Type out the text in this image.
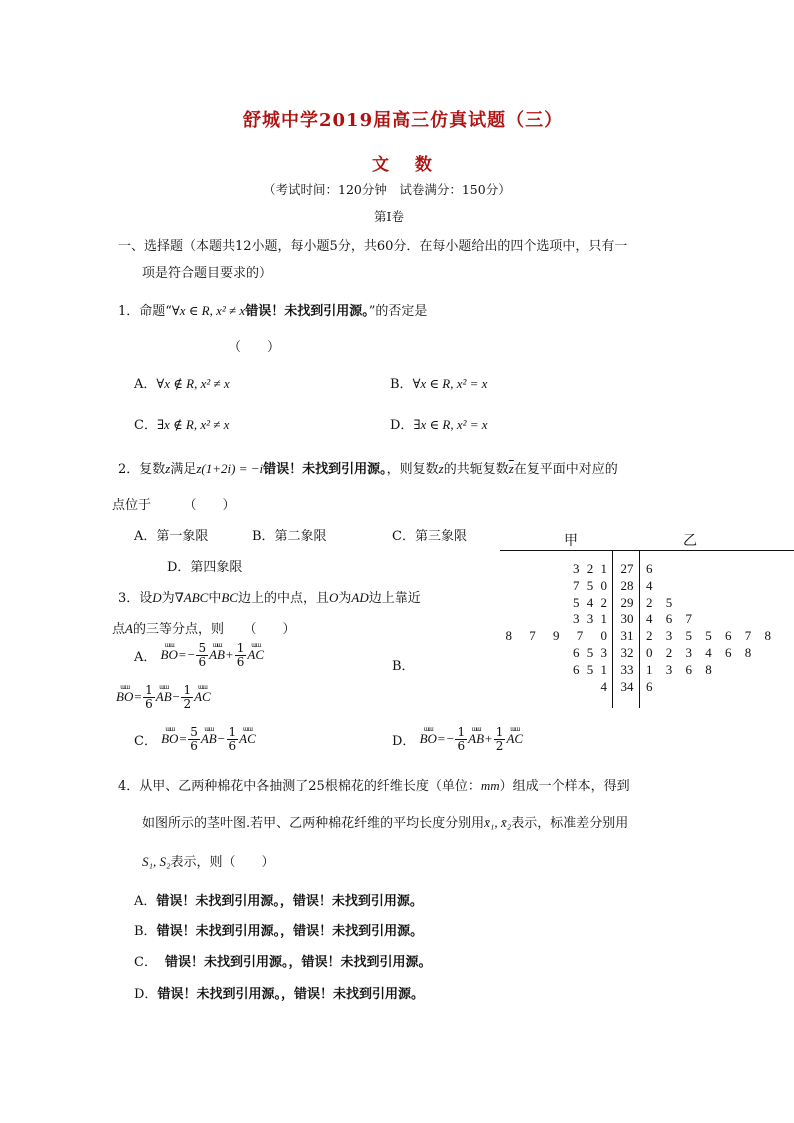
舒城中学2019届高三仿真试题（三）
文 数
（考试时间：120分钟　试卷满分：150分）
第Ⅰ卷
一、选择题（本题共12小题，每小题5分，共60分．在每小题给出的四个选项中，只有一
项是符合题目要求的）
1．命题“∀x ∈ R, x² ≠ x错误！未找到引用源。”的否定是
（　　）
A．∀x ∉ R, x² ≠ x	B．∀x ∈ R, x² = x
C．∃x ∉ R, x² ≠ x	D．∃x ∈ R, x² = x
2．复数z满足z(1+2i) = −i错误！未找到引用源。，则复数z的共轭复数$\overline{z}$在复平面中对应的
点位于　　　（　　）
A．第一象限	B．第二象限	C．第三象限
D．第四象限
3．设D为∇ABC中BC边上的中点，且O为AD边上靠近
点A的三等分点，则　　（　　）
A．
ɯɯ
$BO=- \frac{5}{6}$ ɯɯ
$AB+ \frac{1}{6}$ ɯɯ
AC
B．
ɯɯ
$BO= \frac{1}{6}$ ɯɯ
$AB- \frac{1}{2}$ ɯɯ
AC
C．
ɯɯ
$BO= \frac{5}{6}$ ɯɯ
$AB- \frac{1}{6}$ ɯɯ
AC	D．
ɯɯ
$BO=- \frac{1}{6}$ ɯɯ
$AB+ \frac{1}{2}$ ɯɯ
AC
甲	乙
3 2 1	27 6
7 5 0	28 4
5 4 2	29 2 5
3 3 1	30 4 6 7
8 7 9 7 0	31 2 3 5 5 6 7 8
6 5 3	32 0 2 3 4 6 8
6 5 1	33 1 3 6 8
4	34 6
4．从甲、乙两种棉花中各抽测了25根棉花的纤维长度（单位：mm）组成一个样本，得到
如图所示的茎叶图.若甲、乙两种棉花纤维的平均长度分别用x̄₁, x̄₂表示，标准差分别用
S₁, S₂表示，则（　　）
A．错误！未找到引用源。，错误！未找到引用源。
B．错误！未找到引用源。，错误！未找到引用源。
C． 错误！未找到引用源。，错误！未找到引用源。
D．错误！未找到引用源。，错误！未找到引用源。
